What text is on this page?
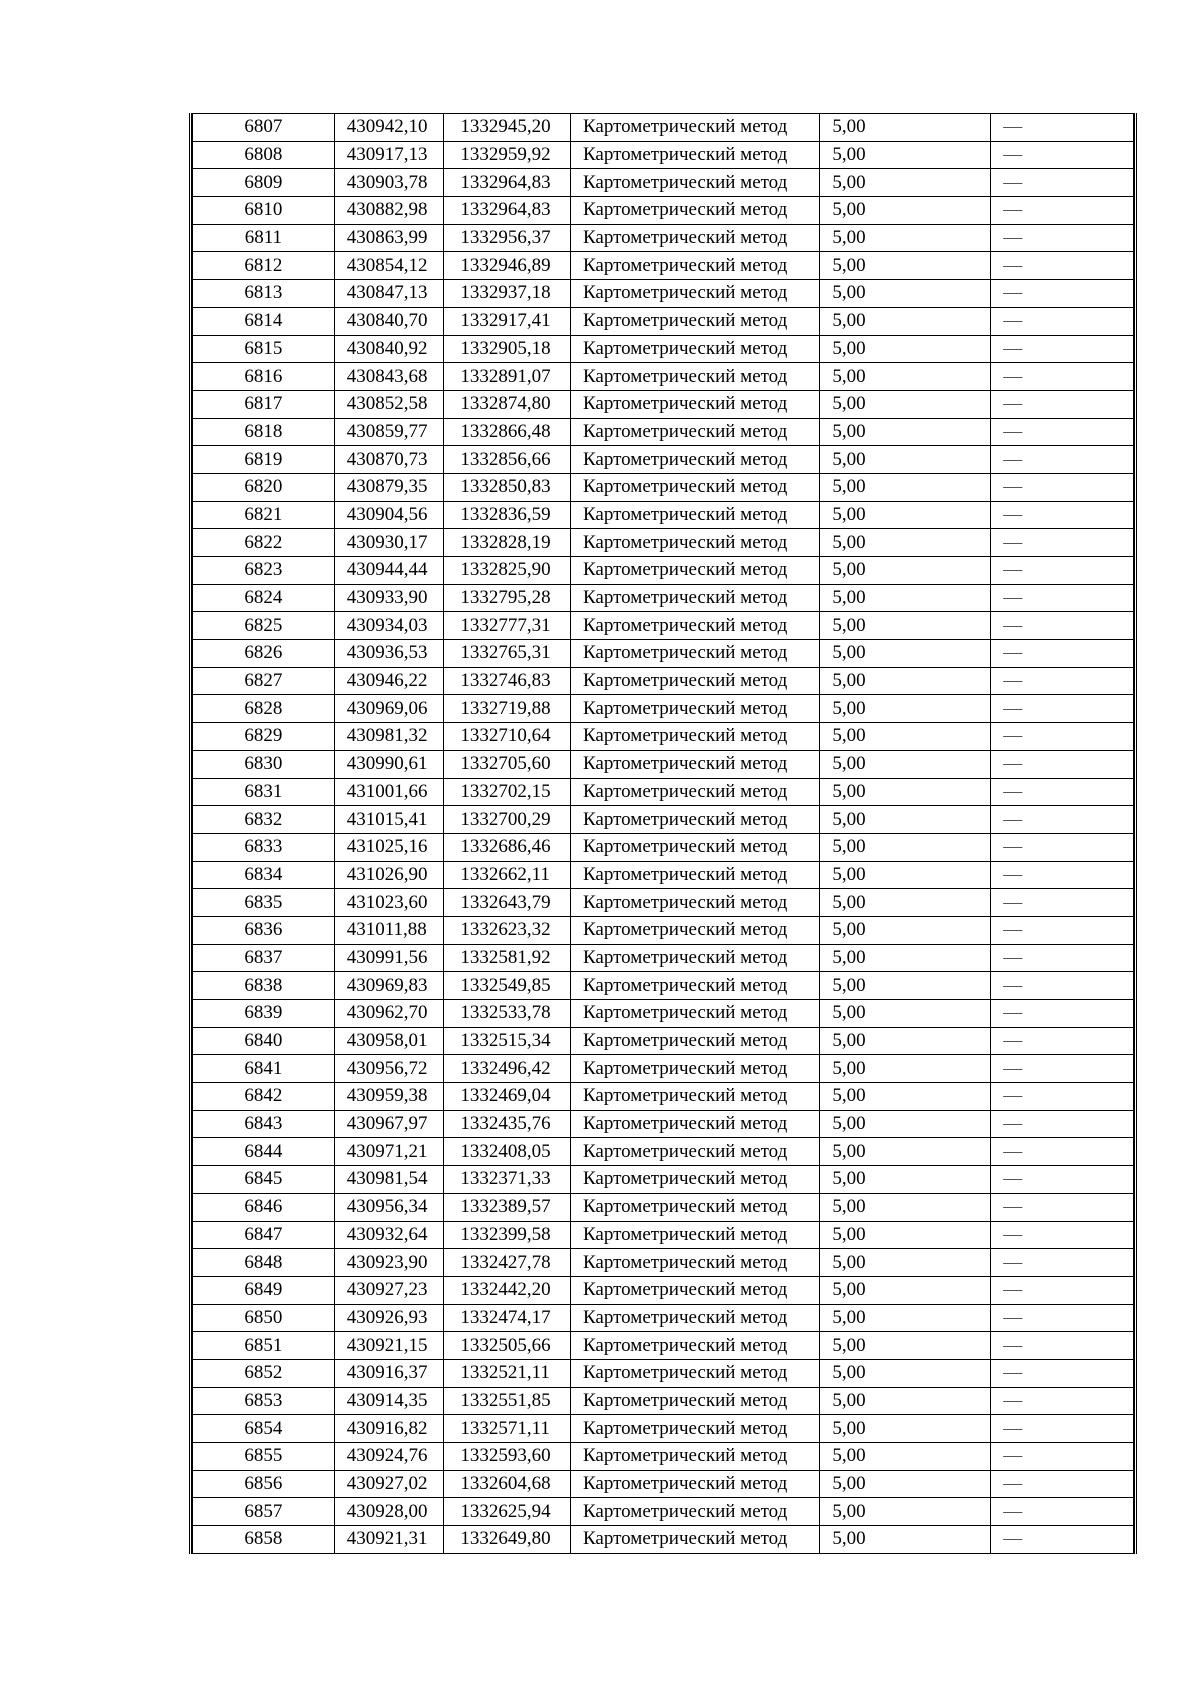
6807	430942,10	1332945,20	Картометрический метод	5,00	—
6808	430917,13	1332959,92	Картометрический метод	5,00	—
6809	430903,78	1332964,83	Картометрический метод	5,00	—
6810	430882,98	1332964,83	Картометрический метод	5,00	—
6811	430863,99	1332956,37	Картометрический метод	5,00	—
6812	430854,12	1332946,89	Картометрический метод	5,00	—
6813	430847,13	1332937,18	Картометрический метод	5,00	—
6814	430840,70	1332917,41	Картометрический метод	5,00	—
6815	430840,92	1332905,18	Картометрический метод	5,00	—
6816	430843,68	1332891,07	Картометрический метод	5,00	—
6817	430852,58	1332874,80	Картометрический метод	5,00	—
6818	430859,77	1332866,48	Картометрический метод	5,00	—
6819	430870,73	1332856,66	Картометрический метод	5,00	—
6820	430879,35	1332850,83	Картометрический метод	5,00	—
6821	430904,56	1332836,59	Картометрический метод	5,00	—
6822	430930,17	1332828,19	Картометрический метод	5,00	—
6823	430944,44	1332825,90	Картометрический метод	5,00	—
6824	430933,90	1332795,28	Картометрический метод	5,00	—
6825	430934,03	1332777,31	Картометрический метод	5,00	—
6826	430936,53	1332765,31	Картометрический метод	5,00	—
6827	430946,22	1332746,83	Картометрический метод	5,00	—
6828	430969,06	1332719,88	Картометрический метод	5,00	—
6829	430981,32	1332710,64	Картометрический метод	5,00	—
6830	430990,61	1332705,60	Картометрический метод	5,00	—
6831	431001,66	1332702,15	Картометрический метод	5,00	—
6832	431015,41	1332700,29	Картометрический метод	5,00	—
6833	431025,16	1332686,46	Картометрический метод	5,00	—
6834	431026,90	1332662,11	Картометрический метод	5,00	—
6835	431023,60	1332643,79	Картометрический метод	5,00	—
6836	431011,88	1332623,32	Картометрический метод	5,00	—
6837	430991,56	1332581,92	Картометрический метод	5,00	—
6838	430969,83	1332549,85	Картометрический метод	5,00	—
6839	430962,70	1332533,78	Картометрический метод	5,00	—
6840	430958,01	1332515,34	Картометрический метод	5,00	—
6841	430956,72	1332496,42	Картометрический метод	5,00	—
6842	430959,38	1332469,04	Картометрический метод	5,00	—
6843	430967,97	1332435,76	Картометрический метод	5,00	—
6844	430971,21	1332408,05	Картометрический метод	5,00	—
6845	430981,54	1332371,33	Картометрический метод	5,00	—
6846	430956,34	1332389,57	Картометрический метод	5,00	—
6847	430932,64	1332399,58	Картометрический метод	5,00	—
6848	430923,90	1332427,78	Картометрический метод	5,00	—
6849	430927,23	1332442,20	Картометрический метод	5,00	—
6850	430926,93	1332474,17	Картометрический метод	5,00	—
6851	430921,15	1332505,66	Картометрический метод	5,00	—
6852	430916,37	1332521,11	Картометрический метод	5,00	—
6853	430914,35	1332551,85	Картометрический метод	5,00	—
6854	430916,82	1332571,11	Картометрический метод	5,00	—
6855	430924,76	1332593,60	Картометрический метод	5,00	—
6856	430927,02	1332604,68	Картометрический метод	5,00	—
6857	430928,00	1332625,94	Картометрический метод	5,00	—
6858	430921,31	1332649,80	Картометрический метод	5,00	—
